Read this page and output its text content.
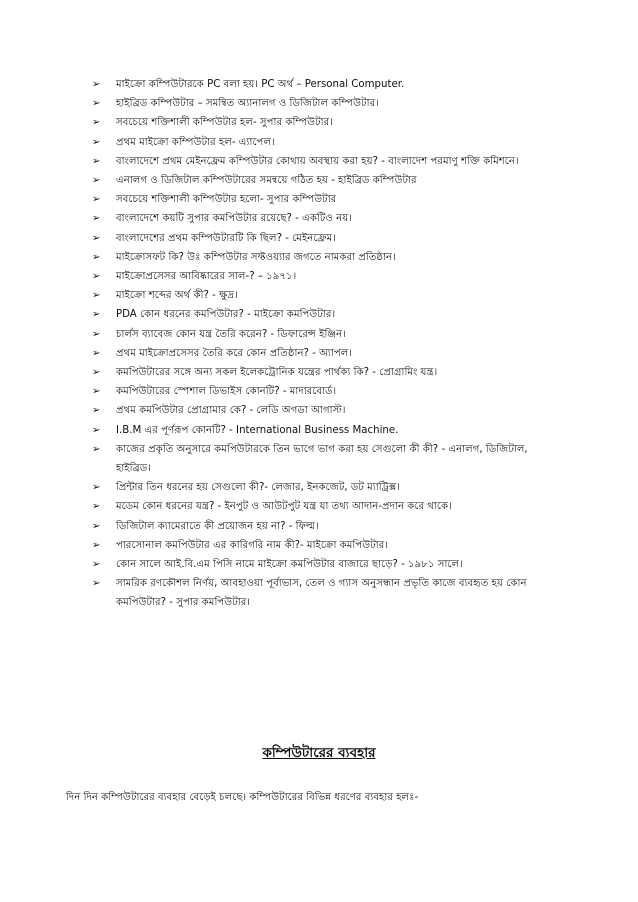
➢ মাইক্রো কম্পিউটারকে PC বলা হয়। PC অর্থ – Personal Computer.
➢ হাইব্রিড কম্পিউটার – সমন্বিত অ্যানালগ ও ডিজিটাল কম্পিউটার।
➢ সবচেয়ে শক্তিশালী কম্পিউটার হল- সুপার কম্পিউটার।
➢ প্রথম মাইক্রো কম্পিউটার হল- এ্যাপেল।
➢ বাংলাদেশে প্রথম মেইনফ্রেম কম্পিউটার কোথায় অবস্থায় করা হয়? - বাংলাদেশ পরমাণু শক্তি কমিশনে।
➢ এনালগ ও ডিজিটাল কম্পিউটারের সমন্বয়ে গঠিত হয় - হাইব্রিড কম্পিউটার
➢ সবচেয়ে শক্তিশালী কম্পিউটার হলো- সুপার কম্পিউটার
➢ বাংলাদেশে কয়টি সুপার কমপিউটার রয়েছে? - একটিও নয়।
➢ বাংলাদেশের প্রথম কম্পিউটারটি কি ছিল? - মেইনফ্রেম।
➢ মাইক্রোসফট কি? উঃ কম্পিউটার সফ্টওয়্যার জগতে নামকরা প্রতিষ্ঠান।
➢ মাইক্রোপ্রসেসর আবিষ্কারের সাল-? – ১৯৭১।
➢ মাইক্রো শব্দের অর্থ কী? - ক্ষুদ্র।
➢ PDA কোন ধরনের কমপিউটার? - মাইক্রো কমপিউটার।
➢ চার্লস ব্যাবেজ কোন যন্ত্র তৈরি করেন? - ডিফারেন্স ইঞ্জিন।
➢ প্রথম মাইক্রোপ্রসেসর তৈরি করে কোন প্রতিষ্ঠান? - অ্যাপল।
➢ কমপিউটারের সঙ্গে অন্য সকল ইলেকট্রোনিক যন্ত্রের পার্থক্য কি? - প্রোগ্রামিং যন্ত্র।
➢ কমপিউটারের স্পেশাল ডিভাইস কোনটি? - মাদারবোর্ড।
➢ প্রথম কমপিউটার প্রোগ্রামার কে? - লেডি অগডা আগাস্ট।
➢ I.B.M এর পূর্ণরূপ কোনটি? - International Business Machine.
➢ কাজের প্রকৃতি অনুসারে কমপিউটারকে তিন ভাগে ভাগ করা হয় সেগুলো কী কী? - এনালগ, ডিজিটাল, হাইব্রিড।
➢ প্রিন্টার তিন ধরনের হয় সেগুলো কী?- লেজার, ইনকজেট, ডট ম্যাট্রিক্স।
➢ মডেম কোন ধরনের যন্ত্র? - ইনপুট ও আউটপুট যন্ত্র যা তথ্য আদান-প্রদান করে থাকে।
➢ ডিজিটাল ক্যামেরাতে কী প্রয়োজন হয় না? - ফিল্ম।
➢ পারসোনাল কমপিউটার এর কারিগরি নাম কী?- মাইক্রো কমপিউটার।
➢ কোন সালে আই.বি.এম পিসি নামে মাইক্রো কমপিউটার বাজারে ছাড়ে? - ১৯৮১ সালে।
➢ সামরিক রণকৌশল নির্ণয়, আবহাওয়া পূর্বাভাস, তেল ও গ্যাস অনুসন্ধান প্রভৃতি কাজে ব্যবহৃত হয় কোন কমপিউটার? - সুপার কমপিউটার।
কম্পিউটারের ব্যবহার
দিন দিন কম্পিউটারের ব্যবহার বেড়েই চলছে। কম্পিউটারের বিভিন্ন ধরণের ব্যবহার হলঃ-
